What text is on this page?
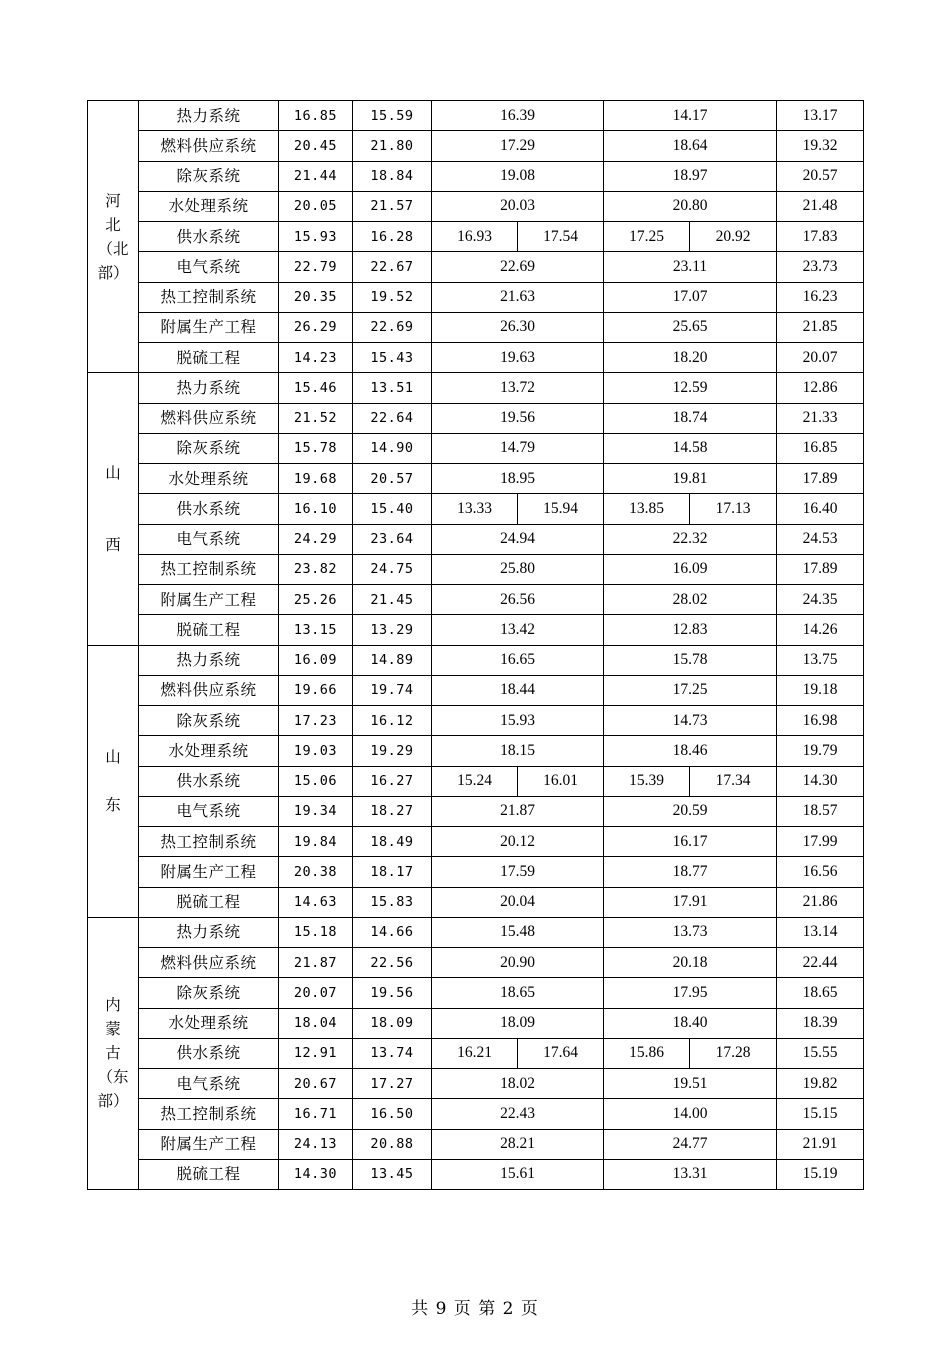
河
北
（北
部）	热力系统	16.85	15.59	16.39		14.17		13.17
	燃料供应系统	20.45	21.80	17.29		18.64		19.32
	除灰系统	21.44	18.84	19.08		18.97		20.57
	水处理系统	20.05	21.57	20.03		20.80		21.48
	供水系统	15.93	16.28	16.93	17.54	17.25	20.92	17.83
	电气系统	22.79	22.67	22.69		23.11		23.73
	热工控制系统	20.35	19.52	21.63		17.07		16.23
	附属生产工程	26.29	22.69	26.30		25.65		21.85
	脱硫工程	14.23	15.43	19.63		18.20		20.07
山

西	热力系统	15.46	13.51	13.72		12.59		12.86
	燃料供应系统	21.52	22.64	19.56		18.74		21.33
	除灰系统	15.78	14.90	14.79		14.58		16.85
	水处理系统	19.68	20.57	18.95		19.81		17.89
	供水系统	16.10	15.40	13.33	15.94	13.85	17.13	16.40
	电气系统	24.29	23.64	24.94		22.32		24.53
	热工控制系统	23.82	24.75	25.80		16.09		17.89
	附属生产工程	25.26	21.45	26.56		28.02		24.35
	脱硫工程	13.15	13.29	13.42		12.83		14.26
山

东	热力系统	16.09	14.89	16.65		15.78		13.75
	燃料供应系统	19.66	19.74	18.44		17.25		19.18
	除灰系统	17.23	16.12	15.93		14.73		16.98
	水处理系统	19.03	19.29	18.15		18.46		19.79
	供水系统	15.06	16.27	15.24	16.01	15.39	17.34	14.30
	电气系统	19.34	18.27	21.87		20.59		18.57
	热工控制系统	19.84	18.49	20.12		16.17		17.99
	附属生产工程	20.38	18.17	17.59		18.77		16.56
	脱硫工程	14.63	15.83	20.04		17.91		21.86
内
蒙
古
（东
部）	热力系统	15.18	14.66	15.48		13.73		13.14
	燃料供应系统	21.87	22.56	20.90		20.18		22.44
	除灰系统	20.07	19.56	18.65		17.95		18.65
	水处理系统	18.04	18.09	18.09		18.40		18.39
	供水系统	12.91	13.74	16.21	17.64	15.86	17.28	15.55
	电气系统	20.67	17.27	18.02		19.51		19.82
	热工控制系统	16.71	16.50	22.43		14.00		15.15
	附属生产工程	24.13	20.88	28.21		24.77		21.91
	脱硫工程	14.30	13.45	15.61		13.31		15.19
共 9 页 第 2 页
